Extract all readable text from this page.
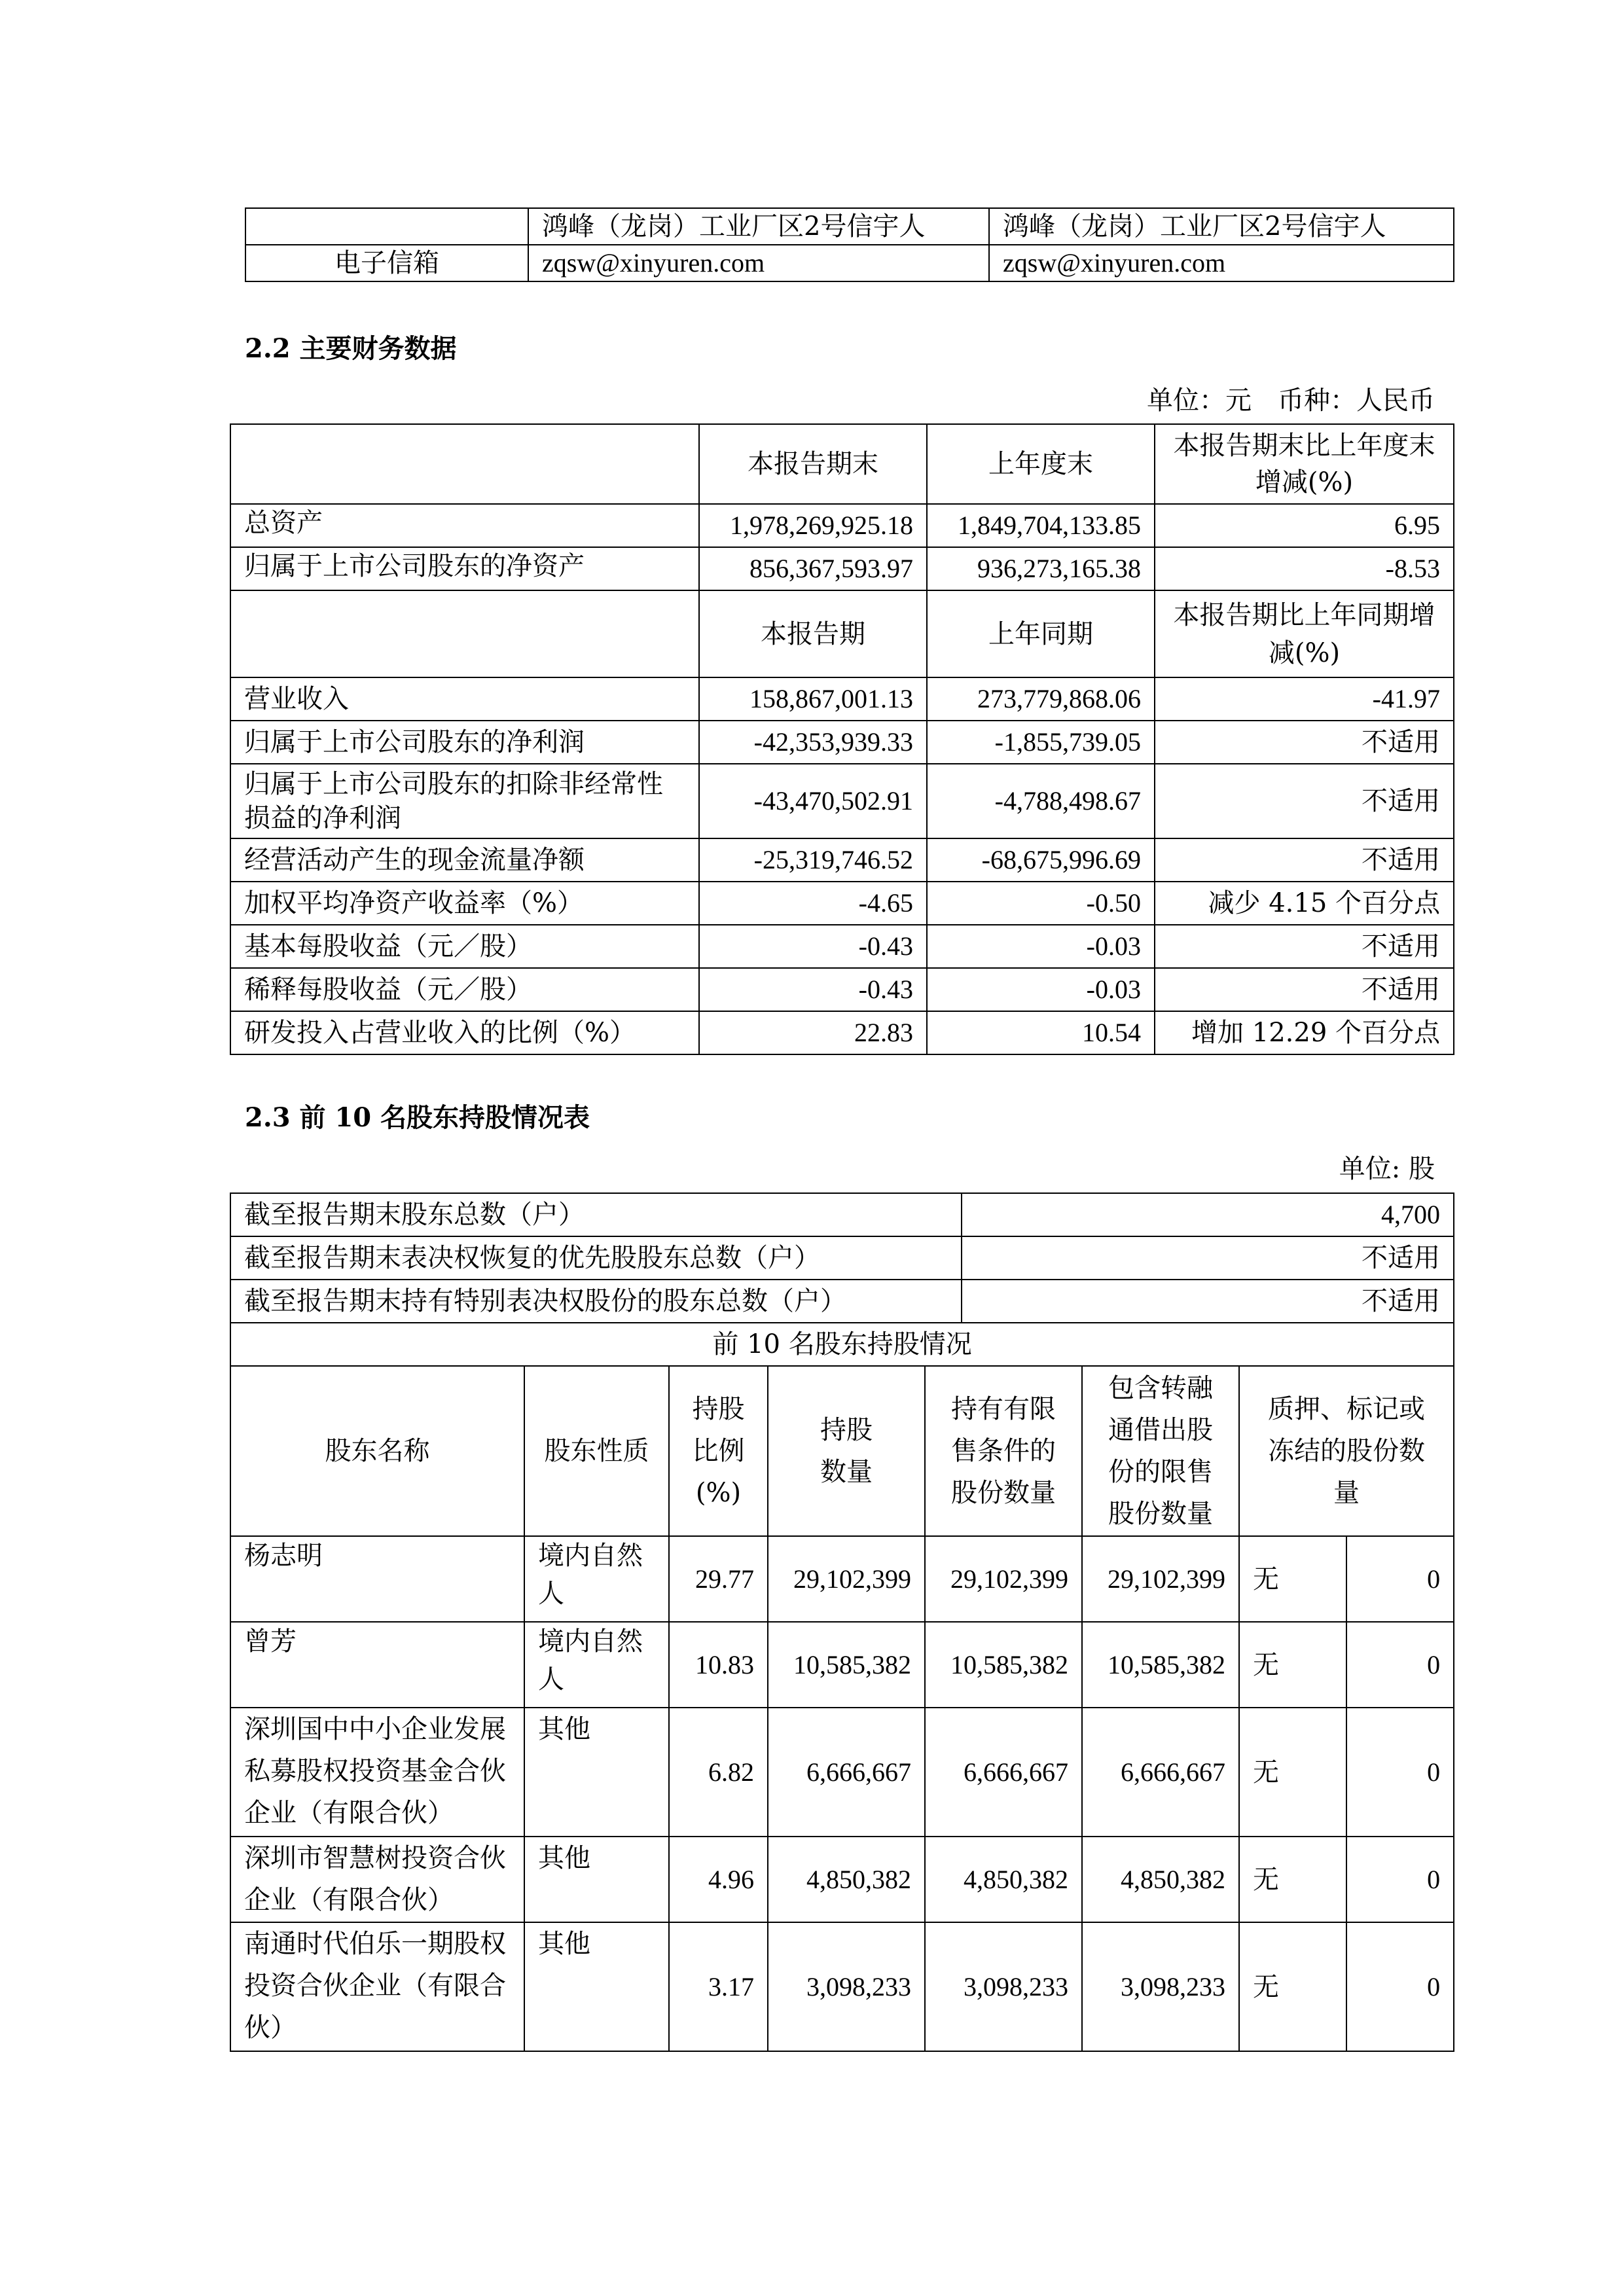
	鸿峰（龙岗）工业厂区2号信宇人	鸿峰（龙岗）工业厂区2号信宇人
电子信箱	zqsw@xinyuren.com	zqsw@xinyuren.com
2.2 主要财务数据
单位：元　币种：人民币
	本报告期末	上年度末	本报告期末比上年度末增减(%)
总资产	1,978,269,925.18	1,849,704,133.85	6.95
归属于上市公司股东的净资产	856,367,593.97	936,273,165.38	-8.53
	本报告期	上年同期	本报告期比上年同期增减(%)
营业收入	158,867,001.13	273,779,868.06	-41.97
归属于上市公司股东的净利润	-42,353,939.33	-1,855,739.05	不适用
归属于上市公司股东的扣除非经常性损益的净利润	-43,470,502.91	-4,788,498.67	不适用
经营活动产生的现金流量净额	-25,319,746.52	-68,675,996.69	不适用
加权平均净资产收益率（%）	-4.65	-0.50	减少 4.15 个百分点
基本每股收益（元／股）	-0.43	-0.03	不适用
稀释每股收益（元／股）	-0.43	-0.03	不适用
研发投入占营业收入的比例（%）	22.83	10.54	增加 12.29 个百分点
2.3 前 10 名股东持股情况表
单位: 股
截至报告期末股东总数（户）	4,700
截至报告期末表决权恢复的优先股股东总数（户）	不适用
截至报告期末持有特别表决权股份的股东总数（户）	不适用
前 10 名股东持股情况							
股东名称	股东性质	持股比例(%)	持股数量	持有有限售条件的股份数量	包含转融通借出股份的限售股份数量	质押、标记或冻结的股份数量	
杨志明	境内自然人	29.77	29,102,399	29,102,399	29,102,399	无	0
曾芳	境内自然人	10.83	10,585,382	10,585,382	10,585,382	无	0
深圳国中中小企业发展私募股权投资基金合伙企业（有限合伙）	其他	6.82	6,666,667	6,666,667	6,666,667	无	0
深圳市智慧树投资合伙企业（有限合伙）	其他	4.96	4,850,382	4,850,382	4,850,382	无	0
南通时代伯乐一期股权投资合伙企业（有限合伙）	其他	3.17	3,098,233	3,098,233	3,098,233	无	0
